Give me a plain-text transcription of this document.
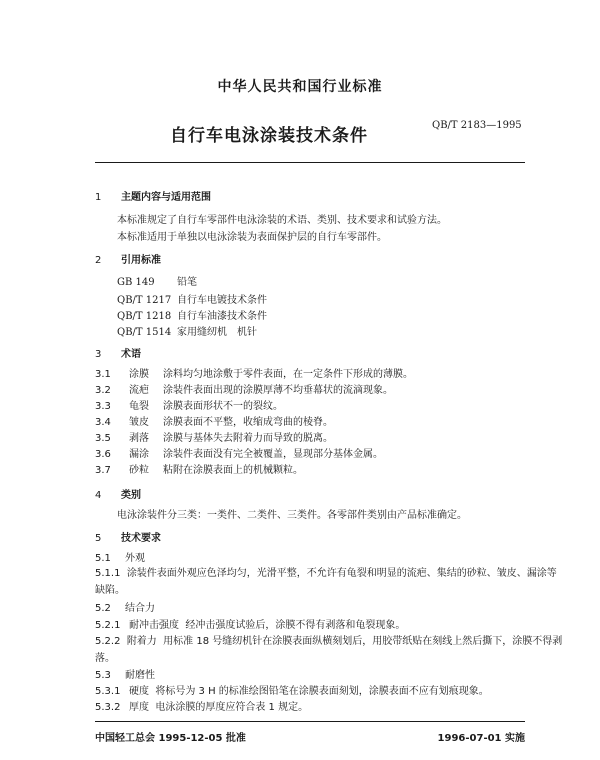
中华人民共和国行业标准
自行车电泳涂装技术条件
QB/T 2183—1995
1 主题内容与适用范围
本标准规定了自行车零部件电泳涂装的术语、类别、技术要求和试验方法。
本标准适用于单独以电泳涂装为表面保护层的自行车零部件。
2 引用标准
GB 149 铅笔
QB/T 1217 自行车电镀技术条件
QB/T 1218 自行车油漆技术条件
QB/T 1514 家用缝纫机　机针
3 术语
3.1 涂膜 涂料均匀地涂敷于零件表面，在一定条件下形成的薄膜。
3.2 流疤 涂装件表面出现的涂膜厚薄不均垂幕状的流滴现象。
3.3 龟裂 涂膜表面形状不一的裂纹。
3.4 皱皮 涂膜表面不平整，收缩成弯曲的棱脊。
3.5 剥落 涂膜与基体失去附着力而导致的脱离。
3.6 漏涂 涂装件表面没有完全被覆盖，显现部分基体金属。
3.7 砂粒 粘附在涂膜表面上的机械颗粒。
4 类别
电泳涂装件分三类：一类件、二类件、三类件。各零部件类别由产品标准确定。
5 技术要求
5.1 外观
5.1.1 涂装件表面外观应色泽均匀，光滑平整，不允许有龟裂和明显的流疤、集结的砂粒、皱皮、漏涂等缺陷。
5.2 结合力
5.2.1 耐冲击强度 经冲击强度试验后，涂膜不得有剥落和龟裂现象。
5.2.2 附着力 用标准 18 号缝纫机针在涂膜表面纵横刻划后，用胶带纸贴在刻线上然后撕下，涂膜不得剥落。
5.3 耐磨性
5.3.1 硬度 将标号为 3 H 的标准绘图铅笔在涂膜表面刻划，涂膜表面不应有划痕现象。
5.3.2 厚度 电泳涂膜的厚度应符合表 1 规定。
中国轻工总会 1995-12-05 批准	1996-07-01 实施
